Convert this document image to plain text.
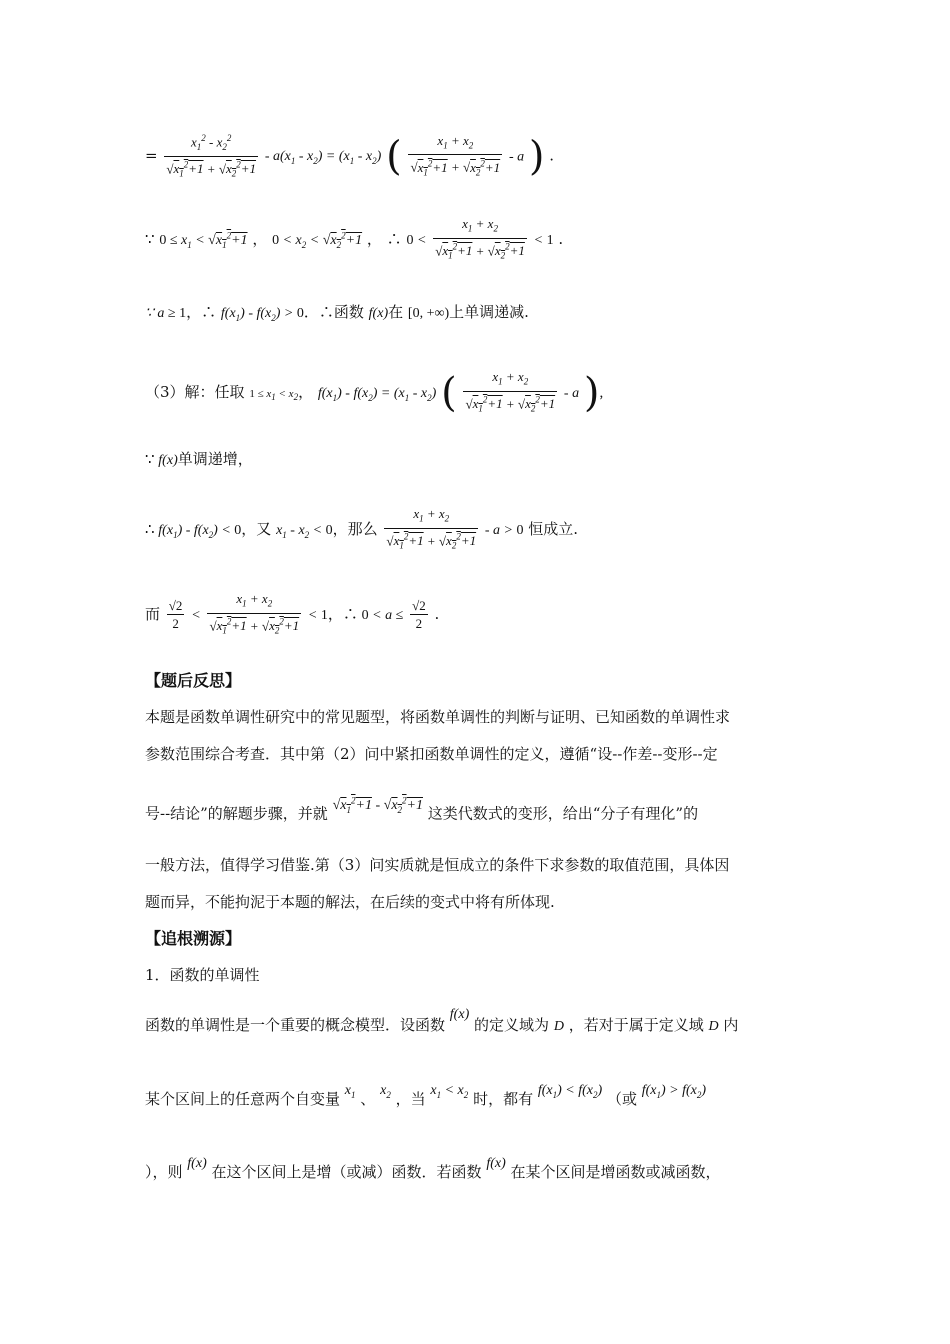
= $\frac{x_1^2 - x_2^2}{√x_1^2+1 + √x_2^2+1} - a(x_1 - x_2) = (x_1 - x_2)$ ( $\frac{x_1 + x_2}{√x_1^2+1 + √x_2^2+1}$ - a ) .
∵ $0 \le x_1 < √x_1^2+1$ ， $0 < x_2 < √x_2^2+1$ ， ∴ $0 < \frac{x_1 + x_2}{√x_1^2+1 + √x_2^2+1} < 1$ .
∵ a ≥ 1，∴ $f(x_1) - f(x_2) > 0$．∴函数 f(x)在 [0, +∞)上单调递减.
（3）解：任取 $1 \le x_1 < x_2$， $f(x_1) - f(x_2) = (x_1 - x_2)$ ( $\frac{x_1 + x_2}{√x_1^2+1 + √x_2^2+1}$ - a ),
∵ f(x)单调递增，
∴ $f(x_1) - f(x_2) < 0$，又 $x_1 - x_2 < 0$，那么 $\frac{x_1 + x_2}{√x_1^2+1 + √x_2^2+1} - a > 0$ 恒成立.
而 $\frac{√2}{2} < \frac{x_1 + x_2}{√x_1^2+1 + √x_2^2+1} < 1$，∴ $0 < a \le \frac{√2}{2}$ .
【题后反思】
本题是函数单调性研究中的常见题型，将函数单调性的判断与证明、已知函数的单调性求
参数范围综合考查．其中第（2）问中紧扣函数单调性的定义，遵循“设--作差--变形--定
号--结论”的解题步骤，并就 $√x_1^2+1 - √x_2^2+1$ 这类代数式的变形，给出“分子有理化”的
一般方法，值得学习借鉴.第（3）问实质就是恒成立的条件下求参数的取值范围，具体因
题而异，不能拘泥于本题的解法，在后续的变式中将有所体现.
【追根溯源】
1．函数的单调性
函数的单调性是一个重要的概念模型．设函数 f(x) 的定义域为 D ，若对于属于定义域 D 内
某个区间上的任意两个自变量 $x_1$ 、 $x_2$ ，当 $x_1 < x_2$ 时，都有 $f(x_1) < f(x_2)$ （或 $f(x_1) > f(x_2)$
），则 f(x) 在这个区间上是增（或减）函数．若函数 f(x) 在某个区间是增函数或减函数，
